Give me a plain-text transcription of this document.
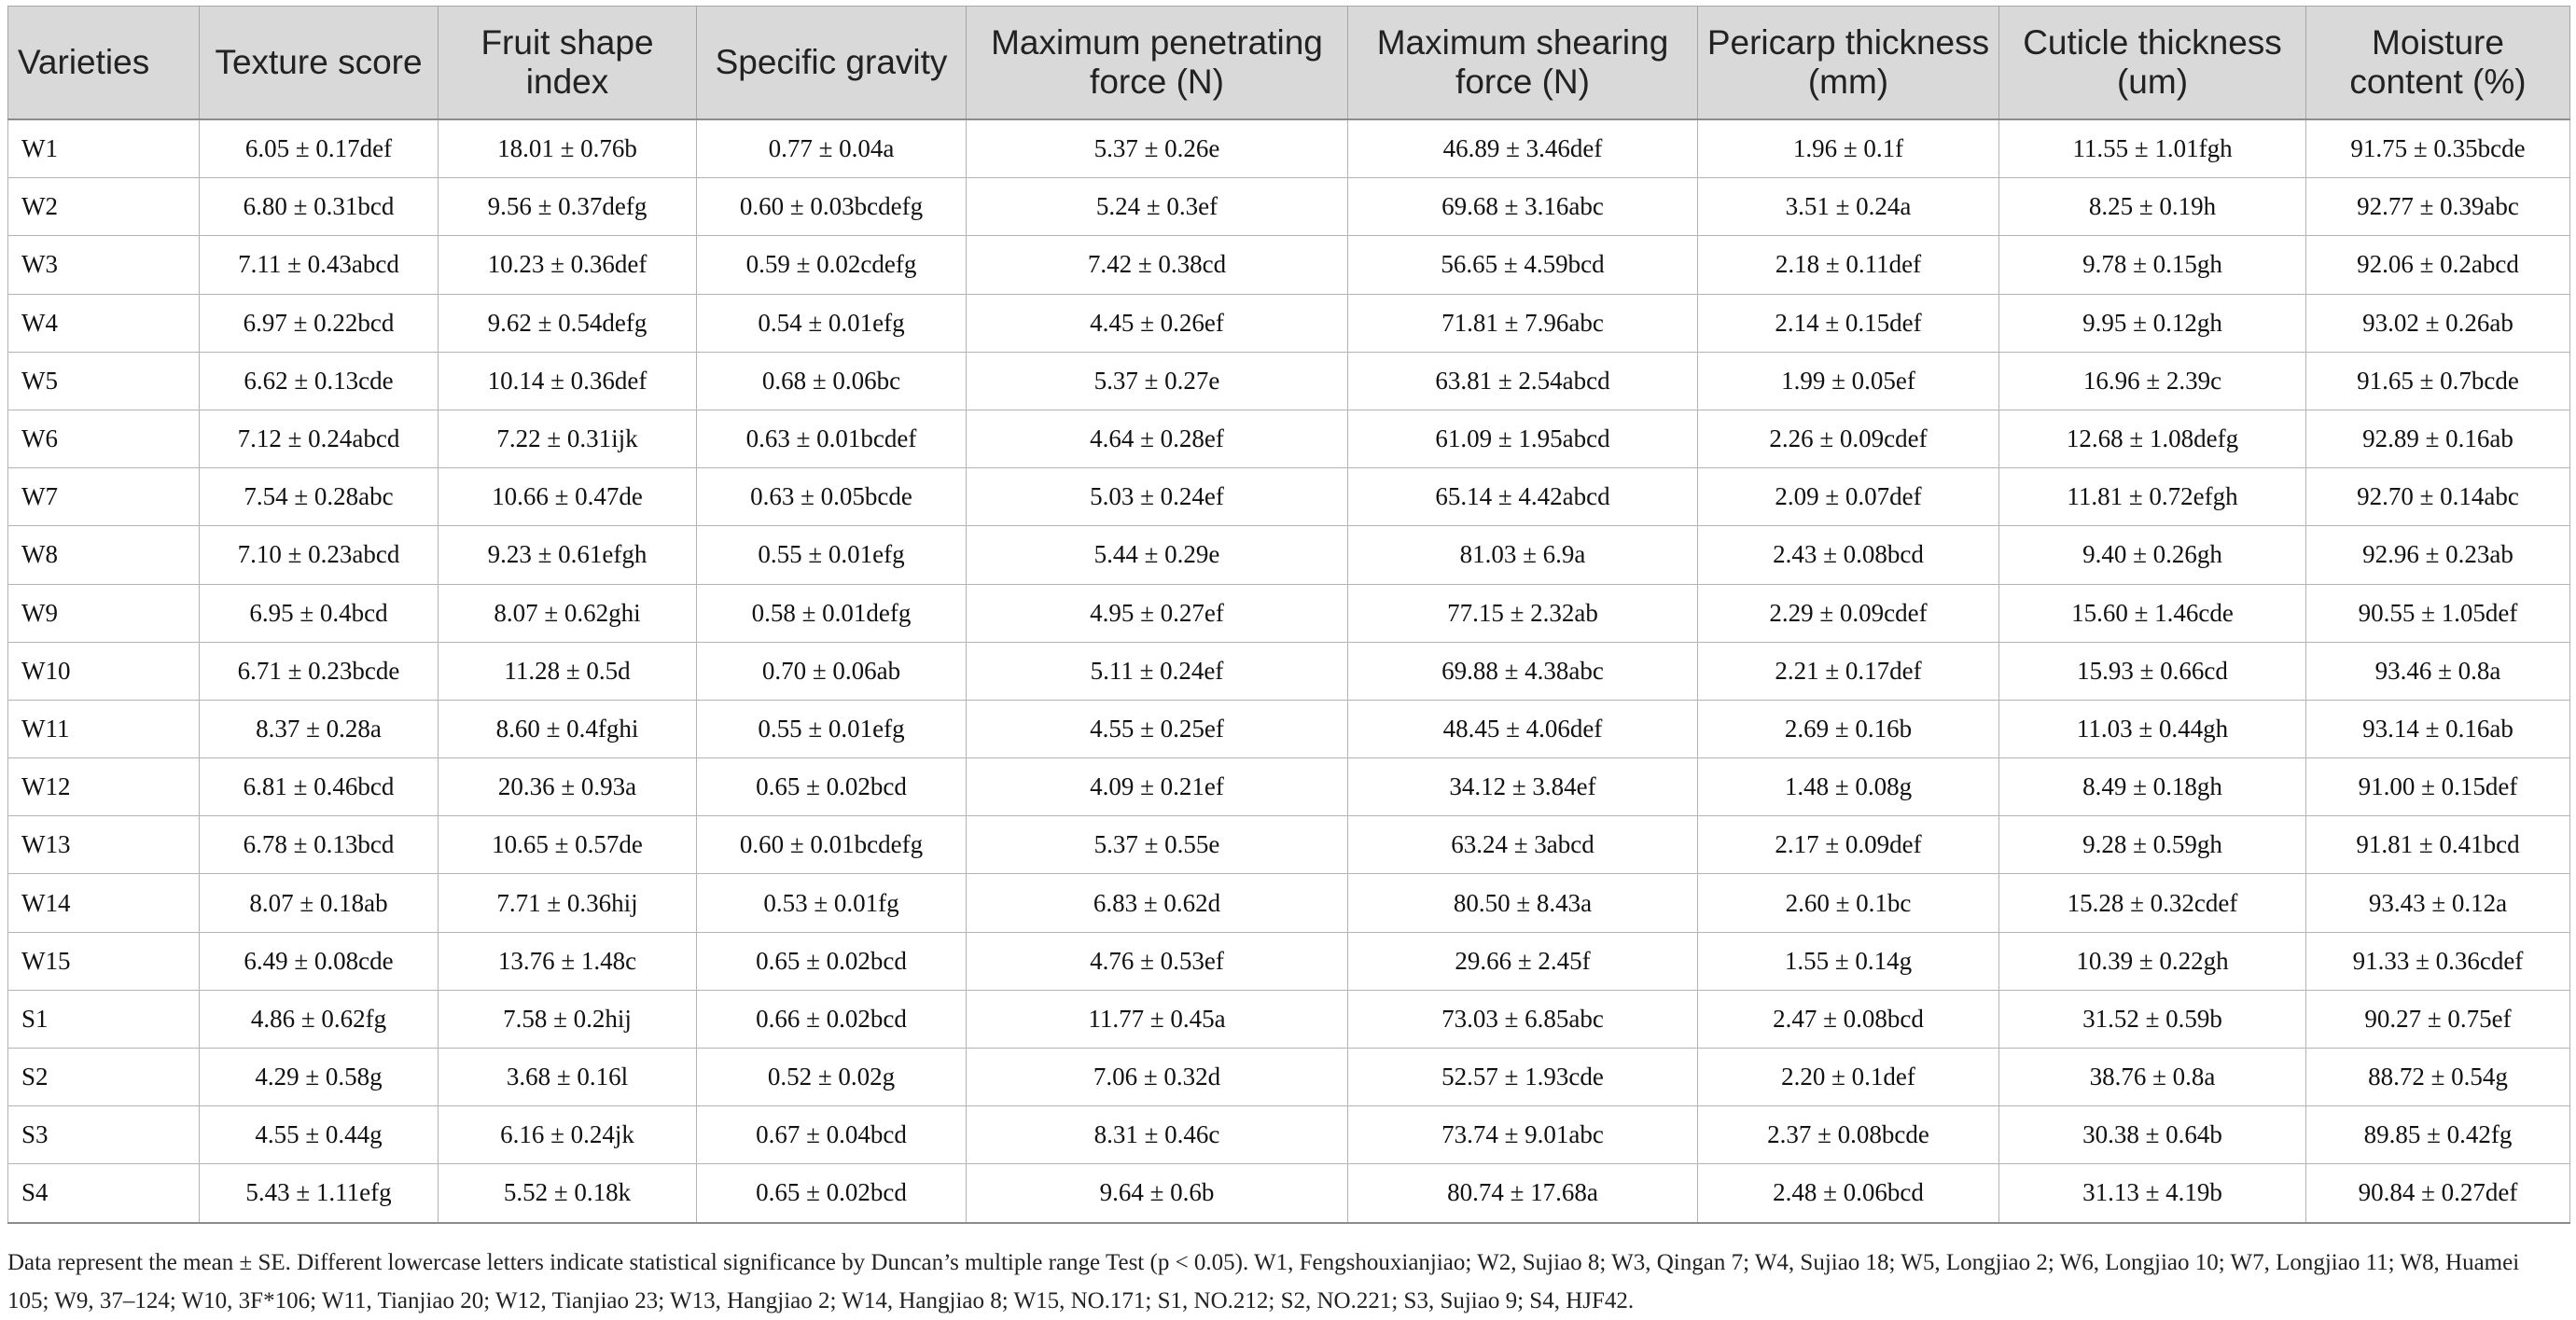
Varieties	Texture score	Fruit shape index	Specific gravity	Maximum penetrating force (N)	Maximum shearing force (N)	Pericarp thickness (mm)	Cuticle thickness (um)	Moisture content (%)
W1	6.05 ± 0.17def	18.01 ± 0.76b	0.77 ± 0.04a	5.37 ± 0.26e	46.89 ± 3.46def	1.96 ± 0.1f	11.55 ± 1.01fgh	91.75 ± 0.35bcde
W2	6.80 ± 0.31bcd	9.56 ± 0.37defg	0.60 ± 0.03bcdefg	5.24 ± 0.3ef	69.68 ± 3.16abc	3.51 ± 0.24a	8.25 ± 0.19h	92.77 ± 0.39abc
W3	7.11 ± 0.43abcd	10.23 ± 0.36def	0.59 ± 0.02cdefg	7.42 ± 0.38cd	56.65 ± 4.59bcd	2.18 ± 0.11def	9.78 ± 0.15gh	92.06 ± 0.2abcd
W4	6.97 ± 0.22bcd	9.62 ± 0.54defg	0.54 ± 0.01efg	4.45 ± 0.26ef	71.81 ± 7.96abc	2.14 ± 0.15def	9.95 ± 0.12gh	93.02 ± 0.26ab
W5	6.62 ± 0.13cde	10.14 ± 0.36def	0.68 ± 0.06bc	5.37 ± 0.27e	63.81 ± 2.54abcd	1.99 ± 0.05ef	16.96 ± 2.39c	91.65 ± 0.7bcde
W6	7.12 ± 0.24abcd	7.22 ± 0.31ijk	0.63 ± 0.01bcdef	4.64 ± 0.28ef	61.09 ± 1.95abcd	2.26 ± 0.09cdef	12.68 ± 1.08defg	92.89 ± 0.16ab
W7	7.54 ± 0.28abc	10.66 ± 0.47de	0.63 ± 0.05bcde	5.03 ± 0.24ef	65.14 ± 4.42abcd	2.09 ± 0.07def	11.81 ± 0.72efgh	92.70 ± 0.14abc
W8	7.10 ± 0.23abcd	9.23 ± 0.61efgh	0.55 ± 0.01efg	5.44 ± 0.29e	81.03 ± 6.9a	2.43 ± 0.08bcd	9.40 ± 0.26gh	92.96 ± 0.23ab
W9	6.95 ± 0.4bcd	8.07 ± 0.62ghi	0.58 ± 0.01defg	4.95 ± 0.27ef	77.15 ± 2.32ab	2.29 ± 0.09cdef	15.60 ± 1.46cde	90.55 ± 1.05def
W10	6.71 ± 0.23bcde	11.28 ± 0.5d	0.70 ± 0.06ab	5.11 ± 0.24ef	69.88 ± 4.38abc	2.21 ± 0.17def	15.93 ± 0.66cd	93.46 ± 0.8a
W11	8.37 ± 0.28a	8.60 ± 0.4fghi	0.55 ± 0.01efg	4.55 ± 0.25ef	48.45 ± 4.06def	2.69 ± 0.16b	11.03 ± 0.44gh	93.14 ± 0.16ab
W12	6.81 ± 0.46bcd	20.36 ± 0.93a	0.65 ± 0.02bcd	4.09 ± 0.21ef	34.12 ± 3.84ef	1.48 ± 0.08g	8.49 ± 0.18gh	91.00 ± 0.15def
W13	6.78 ± 0.13bcd	10.65 ± 0.57de	0.60 ± 0.01bcdefg	5.37 ± 0.55e	63.24 ± 3abcd	2.17 ± 0.09def	9.28 ± 0.59gh	91.81 ± 0.41bcd
W14	8.07 ± 0.18ab	7.71 ± 0.36hij	0.53 ± 0.01fg	6.83 ± 0.62d	80.50 ± 8.43a	2.60 ± 0.1bc	15.28 ± 0.32cdef	93.43 ± 0.12a
W15	6.49 ± 0.08cde	13.76 ± 1.48c	0.65 ± 0.02bcd	4.76 ± 0.53ef	29.66 ± 2.45f	1.55 ± 0.14g	10.39 ± 0.22gh	91.33 ± 0.36cdef
S1	4.86 ± 0.62fg	7.58 ± 0.2hij	0.66 ± 0.02bcd	11.77 ± 0.45a	73.03 ± 6.85abc	2.47 ± 0.08bcd	31.52 ± 0.59b	90.27 ± 0.75ef
S2	4.29 ± 0.58g	3.68 ± 0.16l	0.52 ± 0.02g	7.06 ± 0.32d	52.57 ± 1.93cde	2.20 ± 0.1def	38.76 ± 0.8a	88.72 ± 0.54g
S3	4.55 ± 0.44g	6.16 ± 0.24jk	0.67 ± 0.04bcd	8.31 ± 0.46c	73.74 ± 9.01abc	2.37 ± 0.08bcde	30.38 ± 0.64b	89.85 ± 0.42fg
S4	5.43 ± 1.11efg	5.52 ± 0.18k	0.65 ± 0.02bcd	9.64 ± 0.6b	80.74 ± 17.68a	2.48 ± 0.06bcd	31.13 ± 4.19b	90.84 ± 0.27def

Data represent the mean ± SE. Different lowercase letters indicate statistical significance by Duncan’s multiple range Test (p < 0.05). W1, Fengshouxianjiao; W2, Sujiao 8; W3, Qingan 7; W4, Sujiao 18; W5, Longjiao 2; W6, Longjiao 10; W7, Longjiao 11; W8, Huamei 105; W9, 37–124; W10, 3F*106; W11, Tianjiao 20; W12, Tianjiao 23; W13, Hangjiao 2; W14, Hangjiao 8; W15, NO.171; S1, NO.212; S2, NO.221; S3, Sujiao 9; S4, HJF42.
